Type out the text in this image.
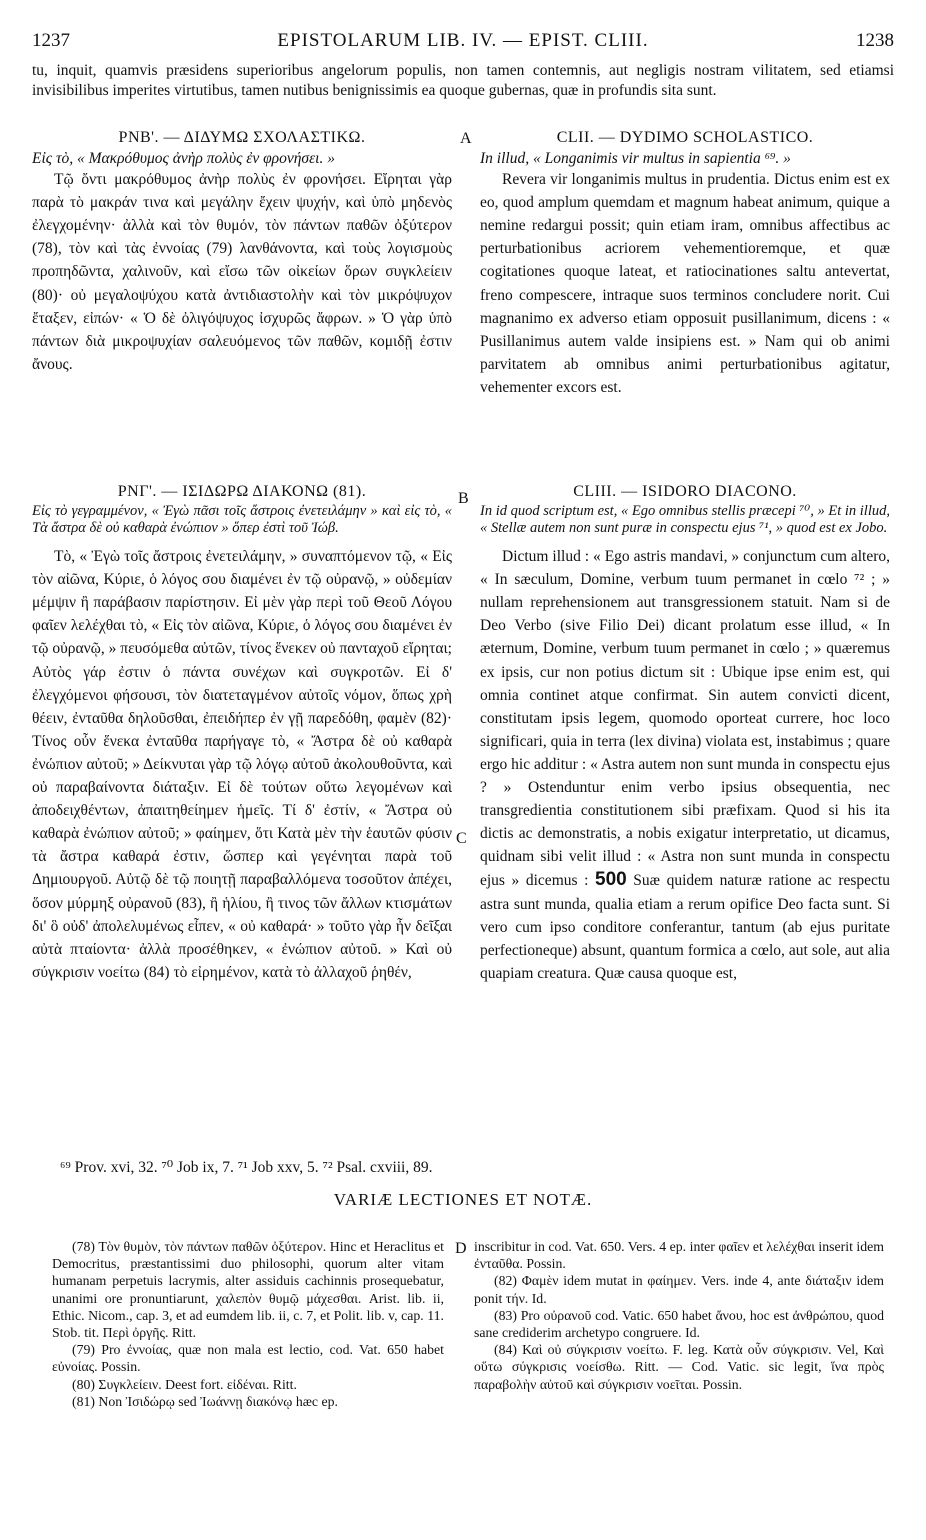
1237	EPISTOLARUM LIB. IV. — EPIST. CLIII.	1238
tu, inquit, quamvis præsidens superioribus angelorum populis, non tamen contemnis, aut negligis nostram vilitatem, sed etiamsi invisibilibus imperites virtutibus, tamen nutibus benignissimis ea quoque gubernas, quæ in profundis sita sunt.
ΡΝΒ'. — ΔΙΔΥΜΩ ΣΧΟΛΑΣΤΙΚΩ.
Εἰς τὸ, « Μακρόθυμος ἀνὴρ πολὺς ἐν φρονήσει. »

Τῷ ὄντι μακρόθυμος ἀνὴρ πολὺς ἐν φρονήσει. Εἴρηται γὰρ παρὰ τὸ μακράν τινα καὶ μεγάλην ἔχειν ψυχήν, καὶ ὑπὸ μηδενὸς ἐλεγχομένην· ἀλλὰ καὶ τὸν θυμόν, τὸν πάντων παθῶν ὀξύτερον (78), τὸν καὶ τὰς ἐννοίας (79) λανθάνοντα, καὶ τοὺς λογισμοὺς προπηδῶντα, χαλινοῦν, καὶ εἴσω τῶν οἰκείων ὅρων συγκλείειν (80)· οὐ μεγαλοψύχου κατὰ ἀντιδιαστολὴν καὶ τὸν μικρόψυχον ἔταξεν, εἰπών· « Ὁ δὲ ὀλιγόψυχος ἰσχυρῶς ἄφρων. » Ὁ γὰρ ὑπὸ πάντων διὰ μικροψυχίαν σαλευόμενος τῶν παθῶν, κομιδῇ ἐστιν ἄνους.

A	CLII. — DYDIMO SCHOLASTICO.
In illud, « Longanimis vir multus in sapientia ⁶⁹. »

Revera vir longanimis multus in prudentia. Dictus enim est ex eo, quod amplum quemdam et magnum habeat animum, quique a nemine redargui possit; quin etiam iram, omnibus affectibus ac perturbationibus acriorem vehementioremque, et quæ cogitationes quoque lateat, et ratiocinationes saltu antevertat, freno compescere, intraque suos terminos concludere norit. Cui magnanimo ex adverso etiam opposuit pusillanimum, dicens : « Pusillanimus autem valde insipiens est. » Nam qui ob animi parvitatem ab omnibus animi perturbationibus agitatur, vehementer excors est.

ΡΝΓ'. — ΙΣΙΔΩΡΩ ΔΙΑΚΟΝΩ (81).
Εἰς τὸ γεγραμμένον, « Ἐγὼ πᾶσι τοῖς ἄστροις ἐνετειλάμην » καὶ εἰς τὸ, « Τὰ ἄστρα δὲ οὐ καθαρὰ ἐνώπιον » ὅπερ ἐστὶ τοῦ Ἰώβ.

Τὸ, « Ἐγὼ τοῖς ἄστροις ἐνετειλάμην, » συναπτόμενον τῷ, « Εἰς τὸν αἰῶνα, Κύριε, ὁ λόγος σου διαμένει ἐν τῷ οὐρανῷ, » οὐδεμίαν μέμψιν ἢ παράβασιν παρίστησιν. Εἰ μὲν γὰρ περὶ τοῦ Θεοῦ Λόγου φαῖεν λελέχθαι τὸ, « Εἰς τὸν αἰῶνα, Κύριε, ὁ λόγος σου διαμένει ἐν τῷ οὐρανῷ, » πευσόμεθα αὐτῶν, τίνος ἕνεκεν οὐ πανταχοῦ εἴρηται; Αὐτὸς γάρ ἐστιν ὁ πάντα συνέχων καὶ συγκροτῶν. Εἰ δ' ἐλεγχόμενοι φήσουσι, τὸν διατεταγμένον αὐτοῖς νόμον, ὅπως χρὴ θέειν, ἐνταῦθα δηλοῦσθαι, ἐπειδήπερ ἐν γῇ παρεδόθη, φαμὲν (82)· Τίνος οὖν ἕνεκα ἐνταῦθα παρήγαγε τὸ, « Ἄστρα δὲ οὐ καθαρὰ ἐνώπιον αὐτοῦ; » Δείκνυται γὰρ τῷ λόγῳ αὐτοῦ ἀκολουθοῦντα, καὶ οὐ παραβαίνοντα διάταξιν. Εἰ δὲ τούτων οὕτω λεγομένων καὶ ἀποδειχθέντων, ἀπαιτηθείημεν ἡμεῖς. Τί δ' ἐστίν, « Ἄστρα οὐ καθαρὰ ἐνώπιον αὐτοῦ; » φαίημεν, ὅτι Κατὰ μὲν τὴν ἑαυτῶν φύσιν τὰ ἄστρα καθαρά ἐστιν, ὥσπερ καὶ γεγένηται παρὰ τοῦ Δημιουργοῦ. Αὐτῷ δὲ τῷ ποιητῇ παραβαλλόμενα τοσοῦτον ἀπέχει, ὅσον μύρμηξ οὐρανοῦ (83), ἢ ἡλίου, ἢ τινος τῶν ἄλλων κτισμάτων δι' ὃ οὐδ' ἀπολελυμένως εἶπεν, « οὐ καθαρά· » τοῦτο γὰρ ἦν δεῖξαι αὐτὰ πταίοντα· ἀλλὰ προσέθηκεν, « ἐνώπιον αὐτοῦ. » Καὶ οὐ σύγκρισιν νοείτω (84) τὸ εἰρημένον, κατὰ τὸ ἀλλαχοῦ ῥηθέν,

B
C
CLIII. — ISIDORO DIACONO.
In id quod scriptum est, « Ego omnibus stellis præcepi ⁷⁰, » Et in illud, « Stellæ autem non sunt puræ in conspectu ejus ⁷¹, » quod est ex Jobo.

Dictum illud : « Ego astris mandavi, » conjunctum cum altero, « In sæculum, Domine, verbum tuum permanet in cœlo ⁷² ; » nullam reprehensionem aut transgressionem statuit. Nam si de Deo Verbo (sive Filio Dei) dicant prolatum esse illud, « In æternum, Domine, verbum tuum permanet in cœlo ; » quæremus ex ipsis, cur non potius dictum sit : Ubique ipse enim est, qui omnia continet atque confirmat. Sin autem convicti dicent, constitutam ipsis legem, quomodo oporteat currere, hoc loco significari, quia in terra (lex divina) violata est, instabimus ; quare ergo hic additur : « Astra autem non sunt munda in conspectu ejus ? » Ostenduntur enim verbo ipsius obsequentia, nec transgredientia constitutionem sibi præfixam. Quod si his ita dictis ac demonstratis, a nobis exigatur interpretatio, ut dicamus, quidnam sibi velit illud : « Astra non sunt munda in conspectu ejus » dicemus : 500 Suæ quidem naturæ ratione ac respectu astra sunt munda, qualia etiam a rerum opifice Deo facta sunt. Si vero cum ipso conditore conferantur, tantum (ab ejus puritate perfectioneque) absunt, quantum formica a cœlo, aut sole, aut alia quapiam creatura. Quæ causa quoque est,

⁶⁹ Prov. xvi, 32. ⁷⁰ Job ix, 7. ⁷¹ Job xxv, 5. ⁷² Psal. cxviii, 89.
VARIÆ LECTIONES ET NOTÆ.
(78) Τὸν θυμὸν, τὸν πάντων παθῶν ὀξύτερον. Hinc et Heraclitus et Democritus, præstantissimi duo philosophi, quorum alter vitam humanam perpetuis lacrymis, alter assiduis cachinnis prosequebatur, unanimi ore pronuntiarunt, χαλεπὸν θυμῷ μάχεσθαι. Arist. lib. ii, Ethic. Nicom., cap. 3, et ad eumdem lib. ii, c. 7, et Polit. lib. v, cap. 11. Stob. tit. Περὶ ὀργῆς. Ritt.
(79) Pro ἐννοίας, quæ non mala est lectio, cod. Vat. 650 habet εὐνοίας. Possin.
(80) Συγκλείειν. Deest fort. εἰδέναι. Ritt.
(81) Non Ἰσιδώρῳ sed Ἰωάννῃ διακόνῳ hæc ep.
D inscribitur in cod. Vat. 650. Vers. 4 ep. inter φαῖεν et λελέχθαι inserit idem ἐνταῦθα. Possin.
(82) Φαμὲν idem mutat in φαίημεν. Vers. inde 4, ante διάταξιν idem ponit τήν. Id.
(83) Pro οὐρανοῦ cod. Vatic. 650 habet ἄνου, hoc est ἀνθρώπου, quod sane crediderim archetypo congruere. Id.
(84) Καὶ οὐ σύγκρισιν νοείτω. F. leg. Κατὰ οὖν σύγκρισιν. Vel, Καὶ οὕτω σύγκρισις νοείσθω. Ritt. — Cod. Vatic. sic legit, ἵνα πρὸς παραβολὴν αὐτοῦ καὶ σύγκρισιν νοεῖται. Possin.
